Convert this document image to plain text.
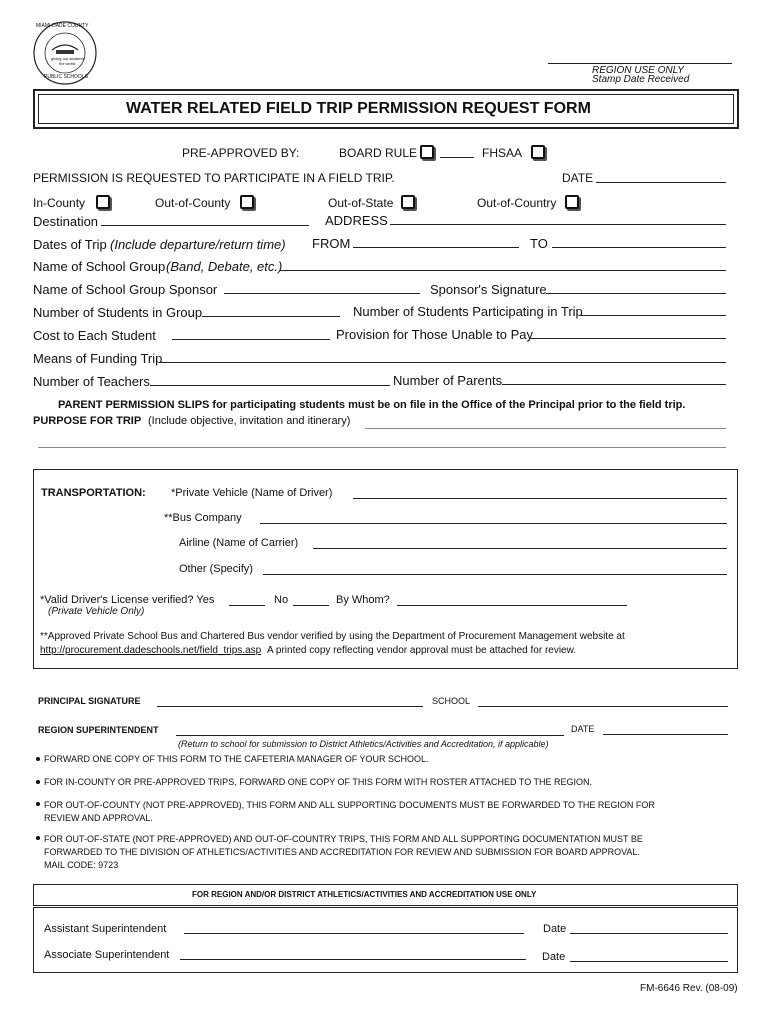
MIAMI-DADE COUNTY
giving our students
the world
PUBLIC SCHOOLS
REGION USE ONLY
Stamp Date Received
WATER RELATED FIELD TRIP PERMISSION REQUEST FORM
PRE-APPROVED BY:	BOARD RULE	FHSAA
PERMISSION IS REQUESTED TO PARTICIPATE IN A FIELD TRIP.	DATE
In-County	Out-of-County	Out-of-State	Out-of-Country
Destination	ADDRESS
Dates of Trip (Include departure/return time) FROM	TO
Name of School Group (Band, Debate, etc.)
Name of School Group Sponsor	Sponsor's Signature
Number of Students in Group	Number of Students Participating in Trip
Cost to Each Student	Provision for Those Unable to Pay
Means of Funding Trip
Number of Teachers	Number of Parents
PARENT PERMISSION SLIPS for participating students must be on file in the Office of the Principal prior to the field trip.
PURPOSE FOR TRIP (Include objective, invitation and itinerary)
TRANSPORTATION: *Private Vehicle (Name of Driver)
**Bus Company
Airline (Name of Carrier)
Other (Specify)
*Valid Driver's License verified? Yes	No	By Whom?
(Private Vehicle Only)
**Approved Private School Bus and Chartered Bus vendor verified by using the Department of Procurement Management website at
http://procurement.dadeschools.net/field_trips.asp A printed copy reflecting vendor approval must be attached for review.
PRINCIPAL SIGNATURE	SCHOOL
REGION SUPERINTENDENT	DATE
(Return to school for submission to District Athletics/Activities and Accreditation, if applicable)
FORWARD ONE COPY OF THIS FORM TO THE CAFETERIA MANAGER OF YOUR SCHOOL.
FOR IN-COUNTY OR PRE-APPROVED TRIPS, FORWARD ONE COPY OF THIS FORM WITH ROSTER ATTACHED TO THE REGION.
FOR OUT-OF-COUNTY (NOT PRE-APPROVED), THIS FORM AND ALL SUPPORTING DOCUMENTS MUST BE FORWARDED TO THE REGION FOR
REVIEW AND APPROVAL.
FOR OUT-OF-STATE (NOT PRE-APPROVED) AND OUT-OF-COUNTRY TRIPS, THIS FORM AND ALL SUPPORTING DOCUMENTATION MUST BE
FORWARDED TO THE DIVISION OF ATHLETICS/ACTIVITIES AND ACCREDITATION FOR REVIEW AND SUBMISSION FOR BOARD APPROVAL.
MAIL CODE: 9723
FOR REGION AND/OR DISTRICT ATHLETICS/ACTIVITIES AND ACCREDITATION USE ONLY
Assistant Superintendent	Date
Associate Superintendent	Date
FM-6646 Rev. (08-09)
